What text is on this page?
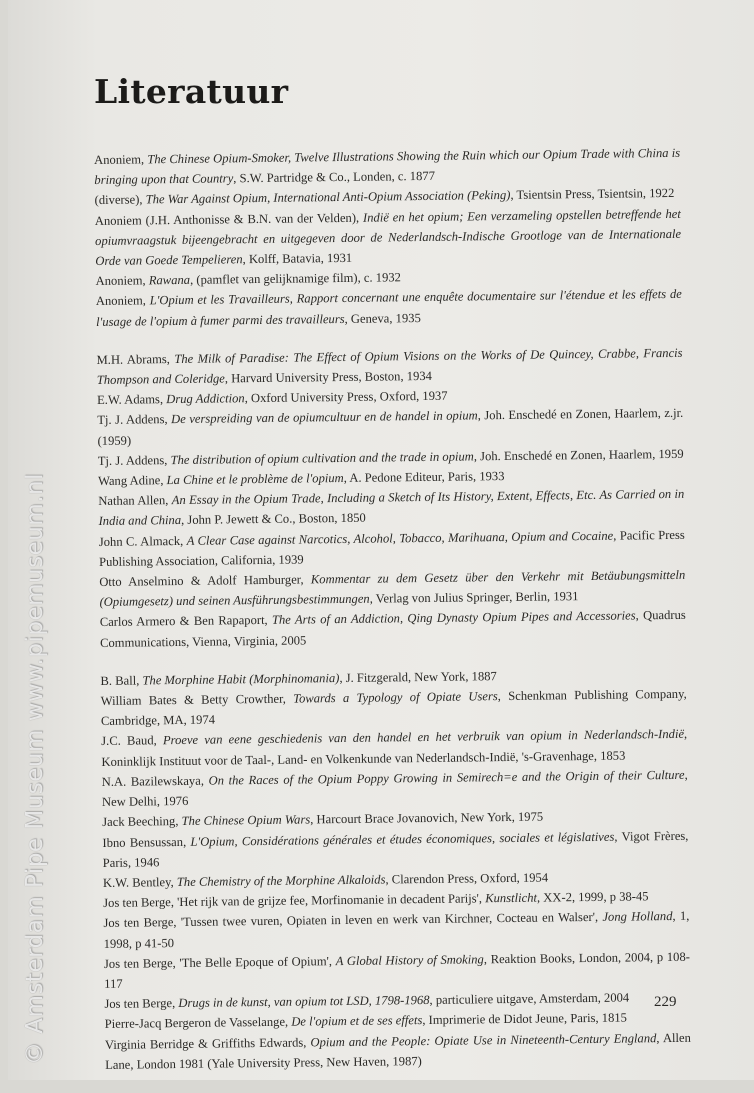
Literatuur
Anoniem, The Chinese Opium-Smoker, Twelve Illustrations Showing the Ruin which our Opium Trade with China is bringing upon that Country, S.W. Partridge & Co., Londen, c. 1877
(diverse), The War Against Opium, International Anti-Opium Association (Peking), Tsientsin Press, Tsientsin, 1922
Anoniem (J.H. Anthonisse & B.N. van der Velden), Indië en het opium; Een verzameling opstellen betreffende het opiumvraagstuk bijeengebracht en uitgegeven door de Nederlandsch-Indische Grootloge van de Internationale Orde van Goede Tempelieren, Kolff, Batavia, 1931
Anoniem, Rawana, (pamflet van gelijknamige film), c. 1932
Anoniem, L'Opium et les Travailleurs, Rapport concernant une enquête documentaire sur l'étendue et les effets de l'usage de l'opium à fumer parmi des travailleurs, Geneva, 1935
M.H. Abrams, The Milk of Paradise: The Effect of Opium Visions on the Works of De Quincey, Crabbe, Francis Thompson and Coleridge, Harvard University Press, Boston, 1934
E.W. Adams, Drug Addiction, Oxford University Press, Oxford, 1937
Tj. J. Addens, De verspreiding van de opiumcultuur en de handel in opium, Joh. Enschedé en Zonen, Haarlem, z.jr. (1959)
Tj. J. Addens, The distribution of opium cultivation and the trade in opium, Joh. Enschedé en Zonen, Haarlem, 1959
Wang Adine, La Chine et le problème de l'opium, A. Pedone Editeur, Paris, 1933
Nathan Allen, An Essay in the Opium Trade, Including a Sketch of Its History, Extent, Effects, Etc. As Carried on in India and China, John P. Jewett & Co., Boston, 1850
John C. Almack, A Clear Case against Narcotics, Alcohol, Tobacco, Marihuana, Opium and Cocaine, Pacific Press Publishing Association, California, 1939
Otto Anselmino & Adolf Hamburger, Kommentar zu dem Gesetz über den Verkehr mit Betäubungsmitteln (Opiumgesetz) und seinen Ausführungsbestimmungen, Verlag von Julius Springer, Berlin, 1931
Carlos Armero & Ben Rapaport, The Arts of an Addiction, Qing Dynasty Opium Pipes and Accessories, Quadrus Communications, Vienna, Virginia, 2005
B. Ball, The Morphine Habit (Morphinomania), J. Fitzgerald, New York, 1887
William Bates & Betty Crowther, Towards a Typology of Opiate Users, Schenkman Publishing Company, Cambridge, MA, 1974
J.C. Baud, Proeve van eene geschiedenis van den handel en het verbruik van opium in Nederlandsch-Indië, Koninklijk Instituut voor de Taal-, Land- en Volkenkunde van Nederlandsch-Indië, 's-Gravenhage, 1853
N.A. Bazilewskaya, On the Races of the Opium Poppy Growing in Semirech=e and the Origin of their Culture, New Delhi, 1976
Jack Beeching, The Chinese Opium Wars, Harcourt Brace Jovanovich, New York, 1975
Ibno Bensussan, L'Opium, Considérations générales et études économiques, sociales et législatives, Vigot Frères, Paris, 1946
K.W. Bentley, The Chemistry of the Morphine Alkaloids, Clarendon Press, Oxford, 1954
Jos ten Berge, 'Het rijk van de grijze fee, Morfinomanie in decadent Parijs', Kunstlicht, XX-2, 1999, p 38-45
Jos ten Berge, 'Tussen twee vuren, Opiaten in leven en werk van Kirchner, Cocteau en Walser', Jong Holland, 1, 1998, p 41-50
Jos ten Berge, 'The Belle Epoque of Opium', A Global History of Smoking, Reaktion Books, London, 2004, p 108-117
Jos ten Berge, Drugs in de kunst, van opium tot LSD, 1798-1968, particuliere uitgave, Amsterdam, 2004
Pierre-Jacq Bergeron de Vasselange, De l'opium et de ses effets, Imprimerie de Didot Jeune, Paris, 1815
Virginia Berridge & Griffiths Edwards, Opium and the People: Opiate Use in Nineteenth-Century England, Allen Lane, London 1981 (Yale University Press, New Haven, 1987)
229
© Amsterdam Pipe Museum www.pipemuseum.nl
